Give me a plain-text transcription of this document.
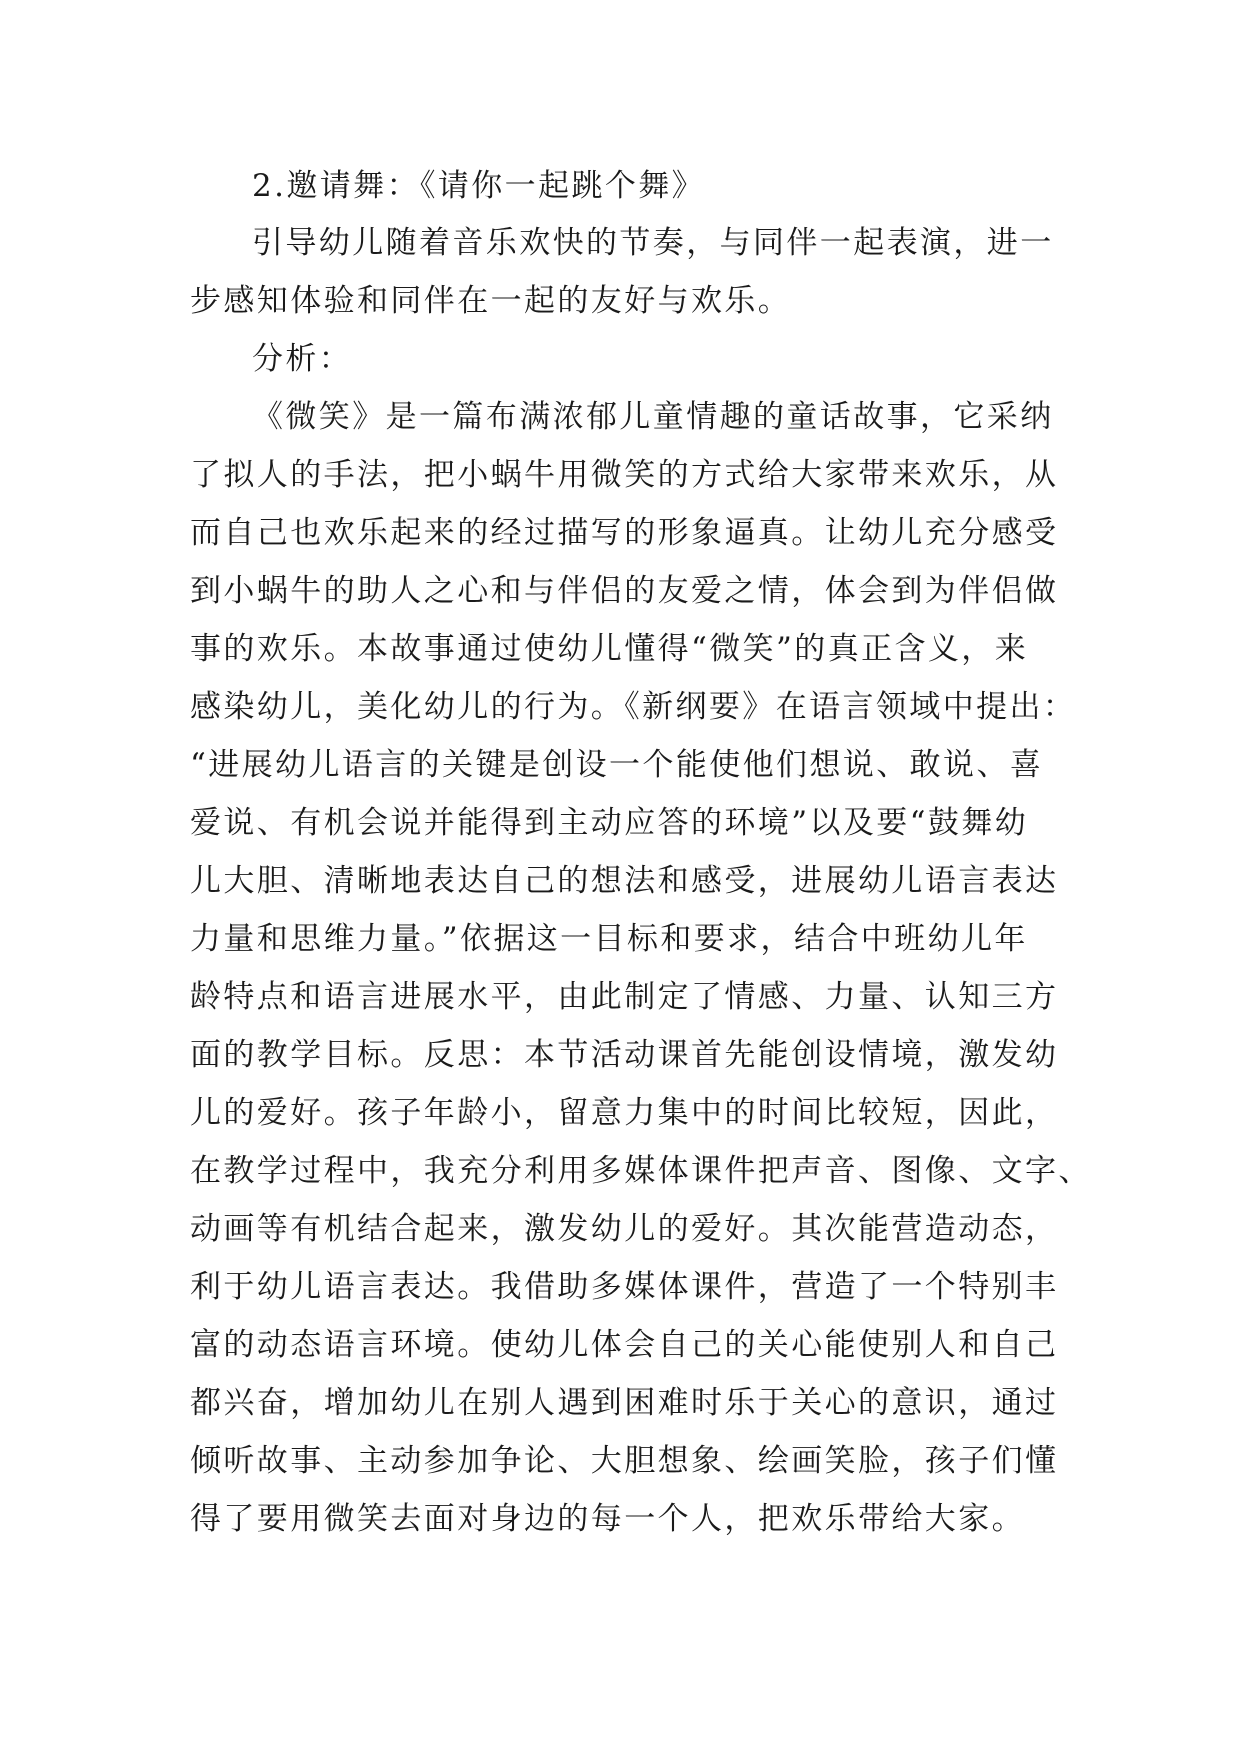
2.邀请舞：《请你一起跳个舞》
引导幼儿随着音乐欢快的节奏，与同伴一起表演，进一
步感知体验和同伴在一起的友好与欢乐。
分析：
《微笑》是一篇布满浓郁儿童情趣的童话故事，它采纳
了拟人的手法，把小蜗牛用微笑的方式给大家带来欢乐，从
而自己也欢乐起来的经过描写的形象逼真。让幼儿充分感受
到小蜗牛的助人之心和与伴侣的友爱之情，体会到为伴侣做
事的欢乐。本故事通过使幼儿懂得“微笑”的真正含义，来
感染幼儿，美化幼儿的行为。《新纲要》在语言领域中提出：
“进展幼儿语言的关键是创设一个能使他们想说、敢说、喜
爱说、有机会说并能得到主动应答的环境”以及要“鼓舞幼
儿大胆、清晰地表达自己的想法和感受，进展幼儿语言表达
力量和思维力量。”依据这一目标和要求，结合中班幼儿年
龄特点和语言进展水平，由此制定了情感、力量、认知三方
面的教学目标。反思：本节活动课首先能创设情境，激发幼
儿的爱好。孩子年龄小，留意力集中的时间比较短，因此，
在教学过程中，我充分利用多媒体课件把声音、图像、文字、
动画等有机结合起来，激发幼儿的爱好。其次能营造动态，
利于幼儿语言表达。我借助多媒体课件，营造了一个特别丰
富的动态语言环境。使幼儿体会自己的关心能使别人和自己
都兴奋，增加幼儿在别人遇到困难时乐于关心的意识，通过
倾听故事、主动参加争论、大胆想象、绘画笑脸，孩子们懂
得了要用微笑去面对身边的每一个人，把欢乐带给大家。
